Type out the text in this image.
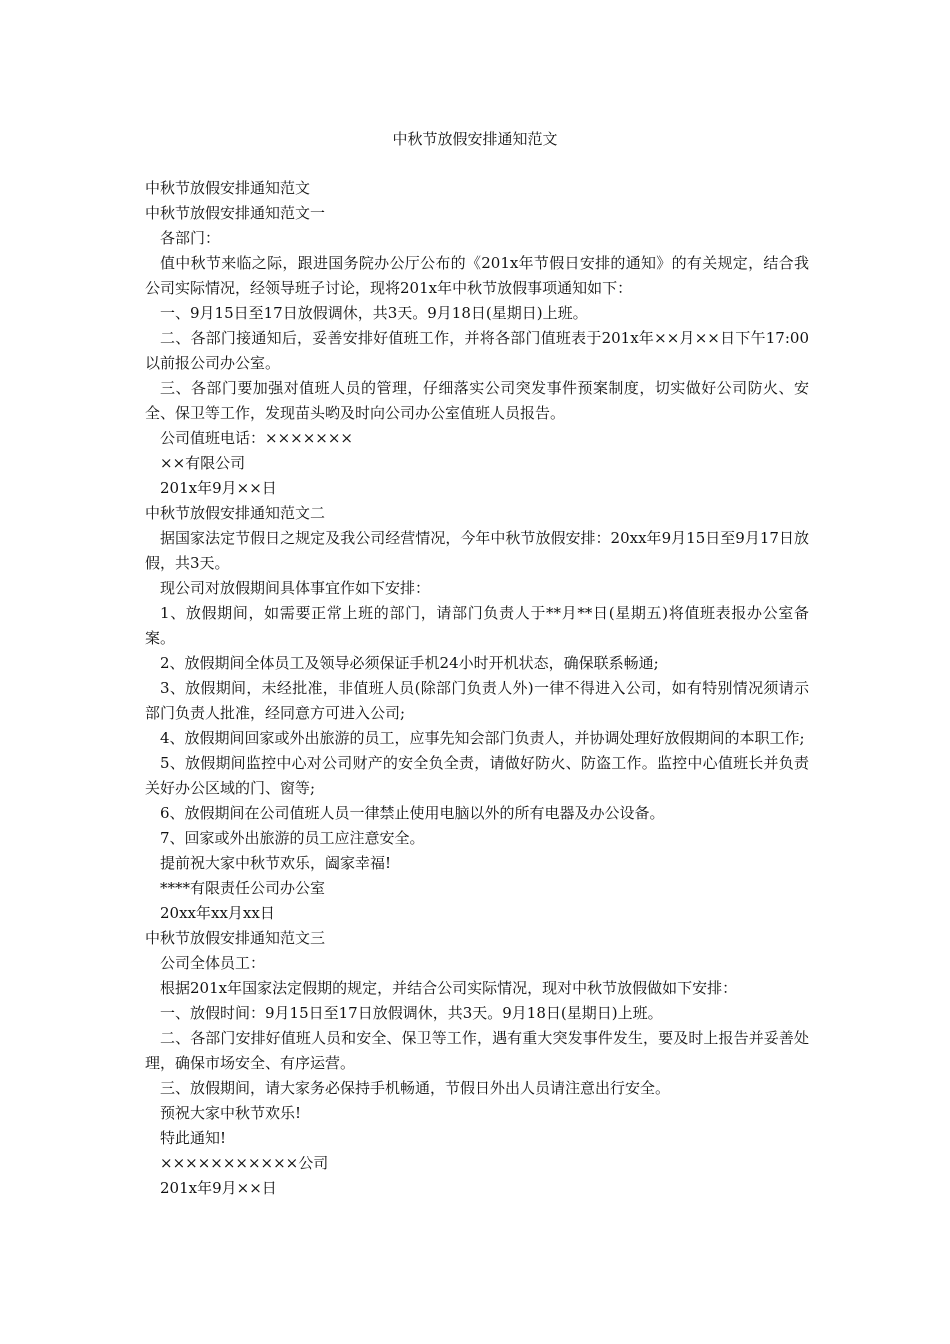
中秋节放假安排通知范文

中秋节放假安排通知范文

中秋节放假安排通知范文一

各部门：

值中秋节来临之际，跟进国务院办公厅公布的《201x年节假日安排的通知》的有关规定，结合我公司实际情况，经领导班子讨论，现将201x年中秋节放假事项通知如下：

一、9月15日至17日放假调休，共3天。9月18日(星期日)上班。

二、各部门接通知后，妥善安排好值班工作，并将各部门值班表于201x年××月××日下午17:00以前报公司办公室。

三、各部门要加强对值班人员的管理，仔细落实公司突发事件预案制度，切实做好公司防火、安全、保卫等工作，发现苗头哟及时向公司办公室值班人员报告。

公司值班电话：×××××××

××有限公司

201x年9月××日

中秋节放假安排通知范文二

据国家法定节假日之规定及我公司经营情况，今年中秋节放假安排：20xx年9月15日至9月17日放假，共3天。

现公司对放假期间具体事宜作如下安排：

1、放假期间，如需要正常上班的部门，请部门负责人于**月**日(星期五)将值班表报办公室备案。

2、放假期间全体员工及领导必须保证手机24小时开机状态，确保联系畅通;

3、放假期间，未经批准，非值班人员(除部门负责人外)一律不得进入公司，如有特别情况须请示部门负责人批准，经同意方可进入公司;

4、放假期间回家或外出旅游的员工，应事先知会部门负责人，并协调处理好放假期间的本职工作;

5、放假期间监控中心对公司财产的安全负全责，请做好防火、防盗工作。监控中心值班长并负责关好办公区域的门、窗等;

6、放假期间在公司值班人员一律禁止使用电脑以外的所有电器及办公设备。

7、回家或外出旅游的员工应注意安全。

提前祝大家中秋节欢乐，阖家幸福!

****有限责任公司办公室

20xx年xx月xx日

中秋节放假安排通知范文三

公司全体员工：

根据201x年国家法定假期的规定，并结合公司实际情况，现对中秋节放假做如下安排：

一、放假时间：9月15日至17日放假调休，共3天。9月18日(星期日)上班。

二、各部门安排好值班人员和安全、保卫等工作，遇有重大突发事件发生，要及时上报告并妥善处理，确保市场安全、有序运营。

三、放假期间，请大家务必保持手机畅通，节假日外出人员请注意出行安全。

预祝大家中秋节欢乐!

特此通知!

×××××××××××公司

201x年9月××日
